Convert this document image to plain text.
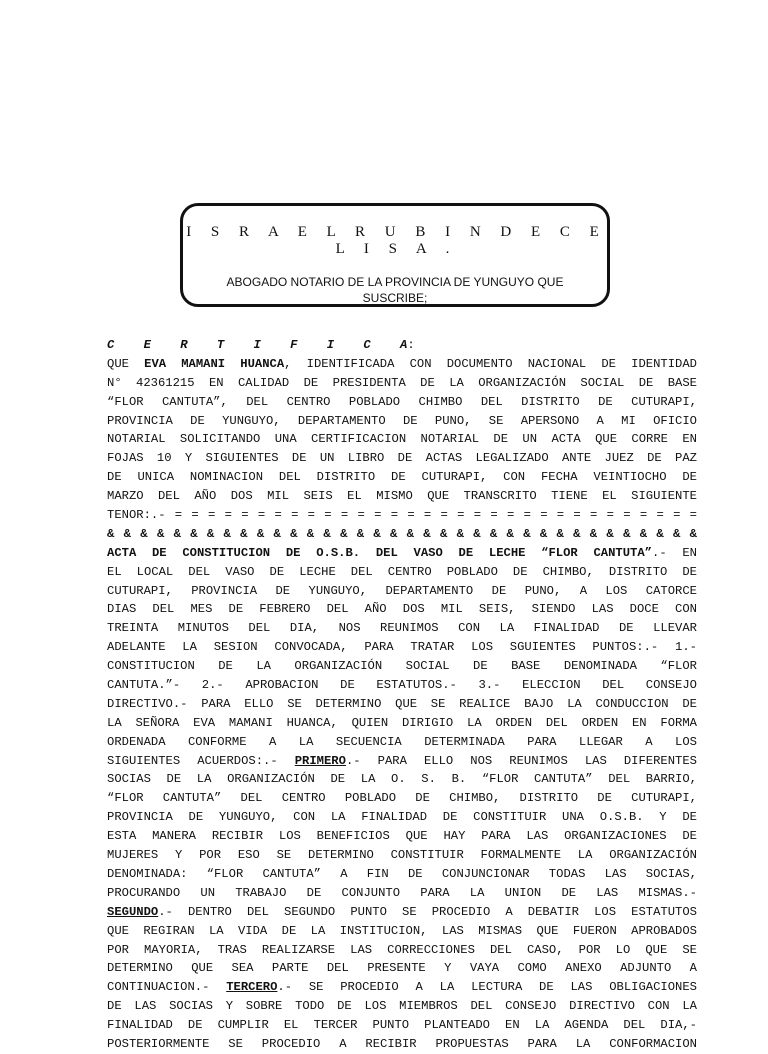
I S R A E L R U B I N D E C E L I S A .
ABOGADO NOTARIO DE LA PROVINCIA DE YUNGUYO QUE SUSCRIBE;
C E R T I F I C A:
QUE EVA MAMANI HUANCA, IDENTIFICADA CON DOCUMENTO NACIONAL DE IDENTIDAD
N° 42361215 EN CALIDAD DE PRESIDENTA DE LA ORGANIZACIÓN SOCIAL DE BASE
“FLOR CANTUTA”, DEL CENTRO POBLADO CHIMBO DEL DISTRITO DE CUTURAPI,
PROVINCIA DE YUNGUYO, DEPARTAMENTO DE PUNO, SE APERSONO A MI OFICIO
NOTARIAL SOLICITANDO UNA CERTIFICACION NOTARIAL DE UN ACTA QUE CORRE EN
FOJAS 10 Y SIGUIENTES DE UN LIBRO DE ACTAS LEGALIZADO ANTE JUEZ DE PAZ
DE UNICA NOMINACION DEL DISTRITO DE CUTURAPI, CON FECHA VEINTIOCHO DE
MARZO DEL AÑO DOS MIL SEIS EL MISMO QUE TRANSCRITO TIENE EL SIGUIENTE
TENOR:.- = = = = = = = = = = = = = = = = = = = = = = = = = = = = = = = =
& & & & & & & & & & & & & & & & & & & & & & & & & & & & & & & & & & & &
ACTA DE CONSTITUCION DE O.S.B. DEL VASO DE LECHE “FLOR CANTUTA”.- EN
EL LOCAL DEL VASO DE LECHE DEL CENTRO POBLADO DE CHIMBO, DISTRITO DE
CUTURAPI, PROVINCIA DE YUNGUYO, DEPARTAMENTO DE PUNO, A LOS CATORCE
DIAS DEL MES DE FEBRERO DEL AÑO DOS MIL SEIS, SIENDO LAS DOCE CON
TREINTA MINUTOS DEL DIA, NOS REUNIMOS CON LA FINALIDAD DE LLEVAR
ADELANTE LA SESION CONVOCADA, PARA TRATAR LOS SGUIENTES PUNTOS:.- 1.-
CONSTITUCION DE LA ORGANIZACIÓN SOCIAL DE BASE DENOMINADA “FLOR
CANTUTA.”- 2.- APROBACION DE ESTATUTOS.- 3.- ELECCION DEL CONSEJO
DIRECTIVO.- PARA ELLO SE DETERMINO QUE SE REALICE BAJO LA CONDUCCION DE
LA SEÑORA EVA MAMANI HUANCA, QUIEN DIRIGIO LA ORDEN DEL ORDEN EN FORMA
ORDENADA CONFORME A LA SECUENCIA DETERMINADA PARA LLEGAR A LOS
SIGUIENTES ACUERDOS:.- PRIMERO.- PARA ELLO NOS REUNIMOS LAS DIFERENTES
SOCIAS DE LA ORGANIZACIÓN DE LA O. S. B. “FLOR CANTUTA” DEL BARRIO,
“FLOR CANTUTA” DEL CENTRO POBLADO DE CHIMBO, DISTRITO DE CUTURAPI,
PROVINCIA DE YUNGUYO, CON LA FINALIDAD DE CONSTITUIR UNA O.S.B. Y DE
ESTA MANERA RECIBIR LOS BENEFICIOS QUE HAY PARA LAS ORGANIZACIONES DE
MUJERES Y POR ESO SE DETERMINO CONSTITUIR FORMALMENTE LA ORGANIZACIÓN
DENOMINADA: “FLOR CANTUTA” A FIN DE CONJUNCIONAR TODAS LAS SOCIAS,
PROCURANDO UN TRABAJO DE CONJUNTO PARA LA UNION DE LAS MISMAS.-
SEGUNDO.- DENTRO DEL SEGUNDO PUNTO SE PROCEDIO A DEBATIR LOS ESTATUTOS
QUE REGIRAN LA VIDA DE LA INSTITUCION, LAS MISMAS QUE FUERON APROBADOS
POR MAYORIA, TRAS REALIZARSE LAS CORRECCIONES DEL CASO, POR LO QUE SE
DETERMINO QUE SEA PARTE DEL PRESENTE Y VAYA COMO ANEXO ADJUNTO A
CONTINUACION.- TERCERO.- SE PROCEDIO A LA LECTURA DE LAS OBLIGACIONES
DE LAS SOCIAS Y SOBRE TODO DE LOS MIEMBROS DEL CONSEJO DIRECTIVO CON LA
FINALIDAD DE CUMPLIR EL TERCER PUNTO PLANTEADO EN LA AGENDA DEL DIA,-
POSTERIORMENTE SE PROCEDIO A RECIBIR PROPUESTAS PARA LA CONFORMACION
